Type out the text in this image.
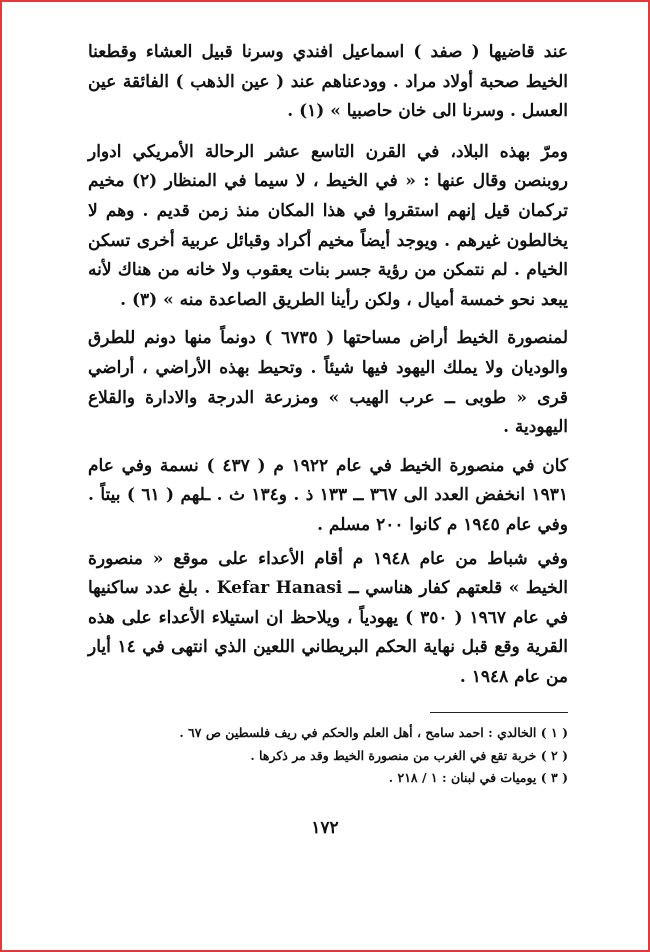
عند قاضيها ( صفد ) اسماعيل افندي وسرنا قبيل العشاء وقطعنا الخيط صحبة أولاد مراد . وودعناهم عند ( عين الذهب ) الفائقة عين العسل . وسرنا الى خان حاصبيا » (١) .

ومرّ بهذه البلاد، في القرن التاسع عشر الرحالة الأمريكي ادوار روبنصن وقال عنها : « في الخيط ، لا سيما في المنظار (٢) مخيم تركمان قيل إنهم استقروا في هذا المكان منذ زمن قديم . وهم لا يخالطون غيرهم . ويوجد أيضاً مخيم أكراد وقبائل عربية أخرى تسكن الخيام . لم نتمكن من رؤية جسر بنات يعقوب ولا خانه من هناك لأنه يبعد نحو خمسة أميال ، ولكن رأينا الطريق الصاعدة منه » (٣) .

لمنصورة الخيط أراض مساحتها ( ٦٧٣٥ ) دونماً منها دونم للطرق والوديان ولا يملك اليهود فيها شيئاً . وتحيط بهذه الأراضي ، أراضي قرى « طوبى ــ عرب الهيب » ومزرعة الدرجة والادارة والقلاع اليهودية .

كان في منصورة الخيط في عام ١٩٢٢ م ( ٤٣٧ ) نسمة وفي عام ١٩٣١ انخفض العدد الى ٣٦٧ ــ ١٣٣ ذ . و١٣٤ ث . ـلهم ( ٦١ ) بيتاً . وفي عام ١٩٤٥ م كانوا ٢٠٠ مسلم .

وفي شباط من عام ١٩٤٨ م أقام الأعداء على موقع « منصورة الخيط » قلعتهم كفار هناسي ــ Kefar Hanasi . بلغ عدد ساكنيها في عام ١٩٦٧ ( ٣٥٠ ) يهودياً ، ويلاحظ ان استيلاء الأعداء على هذه القرية وقع قبل نهاية الحكم البريطاني اللعين الذي انتهى في ١٤ أيار من عام ١٩٤٨ .

( ١ ) الخالدي : احمد سامح ، أهل العلم والحكم في ريف فلسطين ص ٦٧ .

( ٢ ) خربة تقع في الغرب من منصورة الخيط وقد مر ذكرها .

( ٣ ) يوميات في لبنان : ١ / ٢١٨ .

١٧٢
